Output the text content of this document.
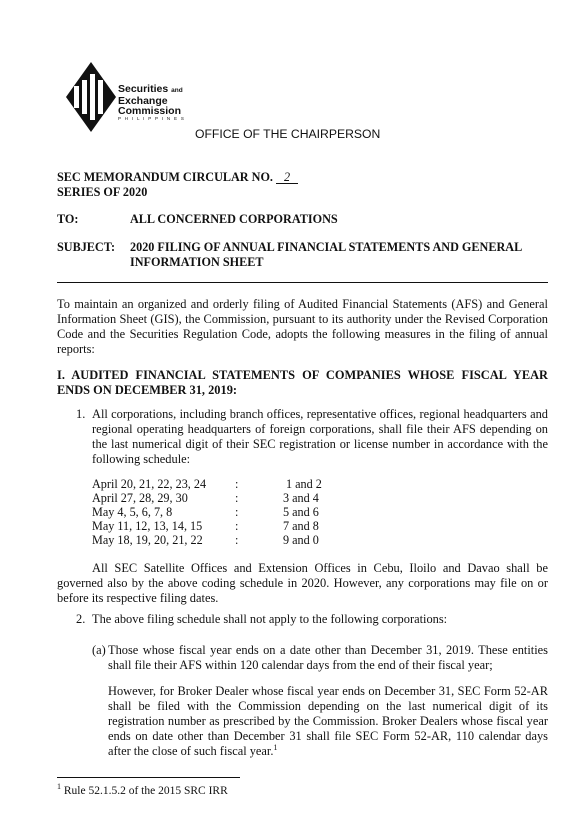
Securities and
Exchange
Commission
P H I L I P P I N E S
OFFICE OF THE CHAIRPERSON
SEC MEMORANDUM CIRCULAR NO. 2
SERIES OF 2020
TO:	ALL CONCERNED CORPORATIONS
SUBJECT: 2020 FILING OF ANNUAL FINANCIAL STATEMENTS AND GENERAL
INFORMATION SHEET
To maintain an organized and orderly filing of Audited Financial Statements (AFS) and General Information Sheet (GIS), the Commission, pursuant to its authority under the Revised Corporation Code and the Securities Regulation Code, adopts the following measures in the filing of annual reports:
I. AUDITED FINANCIAL STATEMENTS OF COMPANIES WHOSE FISCAL YEAR ENDS ON DECEMBER 31, 2019:
1. All corporations, including branch offices, representative offices, regional headquarters and regional operating headquarters of foreign corporations, shall file their AFS depending on the last numerical digit of their SEC registration or license number in accordance with the following schedule:
April 20, 21, 22, 23, 24 :	1 and 2
April 27, 28, 29, 30	:	3 and 4
May 4, 5, 6, 7, 8	:	5 and 6
May 11, 12, 13, 14, 15	:	7 and 8
May 18, 19, 20, 21, 22	:	9 and 0
All SEC Satellite Offices and Extension Offices in Cebu, Iloilo and Davao shall be governed also by the above coding schedule in 2020. However, any corporations may file on or before its respective filing dates.
2. The above filing schedule shall not apply to the following corporations:
(a) Those whose fiscal year ends on a date other than December 31, 2019. These entities shall file their AFS within 120 calendar days from the end of their fiscal year;
However, for Broker Dealer whose fiscal year ends on December 31, SEC Form 52-AR shall be filed with the Commission depending on the last numerical digit of its registration number as prescribed by the Commission. Broker Dealers whose fiscal year ends on date other than December 31 shall file SEC Form 52-AR, 110 calendar days after the close of such fiscal year.$^1$
$^1$ Rule 52.1.5.2 of the 2015 SRC IRR
